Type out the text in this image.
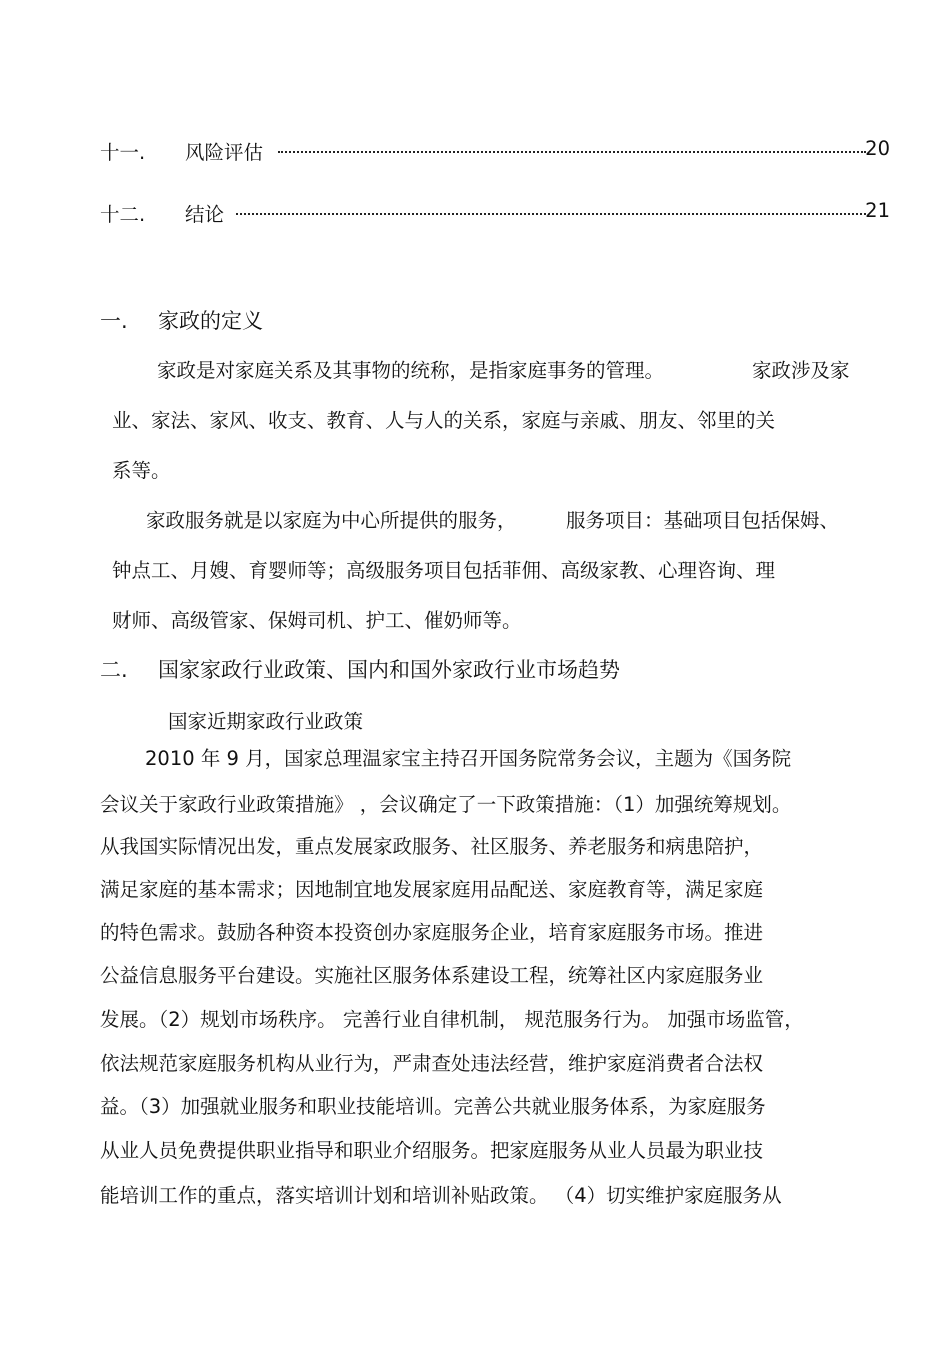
十一. 风险评估	20
十二. 结论	21
一. 家政的定义
家政是对家庭关系及其事物的统称，是指家庭事务的管理。	家政涉及家
业、家法、家风、收支、教育、人与人的关系，家庭与亲戚、朋友、邻里的关
系等。
家政服务就是以家庭为中心所提供的服务，	服务项目：基础项目包括保姆、
钟点工、月嫂、育婴师等；高级服务项目包括菲佣、高级家教、心理咨询、理
财师、高级管家、保姆司机、护工、催奶师等。
二. 国家家政行业政策、国内和国外家政行业市场趋势
国家近期家政行业政策
2010 年 9 月，国家总理温家宝主持召开国务院常务会议，主题为《国务院
会议关于家政行业政策措施》 ，会议确定了一下政策措施：（1）加强统筹规划。
从我国实际情况出发，重点发展家政服务、社区服务、养老服务和病患陪护，
满足家庭的基本需求；因地制宜地发展家庭用品配送、家庭教育等，满足家庭
的特色需求。鼓励各种资本投资创办家庭服务企业，培育家庭服务市场。推进
公益信息服务平台建设。实施社区服务体系建设工程，统筹社区内家庭服务业
发展。（2）规划市场秩序。 完善行业自律机制， 规范服务行为。 加强市场监管，
依法规范家庭服务机构从业行为，严肃查处违法经营，维护家庭消费者合法权
益。（3）加强就业服务和职业技能培训。完善公共就业服务体系，为家庭服务
从业人员免费提供职业指导和职业介绍服务。把家庭服务从业人员最为职业技
能培训工作的重点，落实培训计划和培训补贴政策。 （4）切实维护家庭服务从
